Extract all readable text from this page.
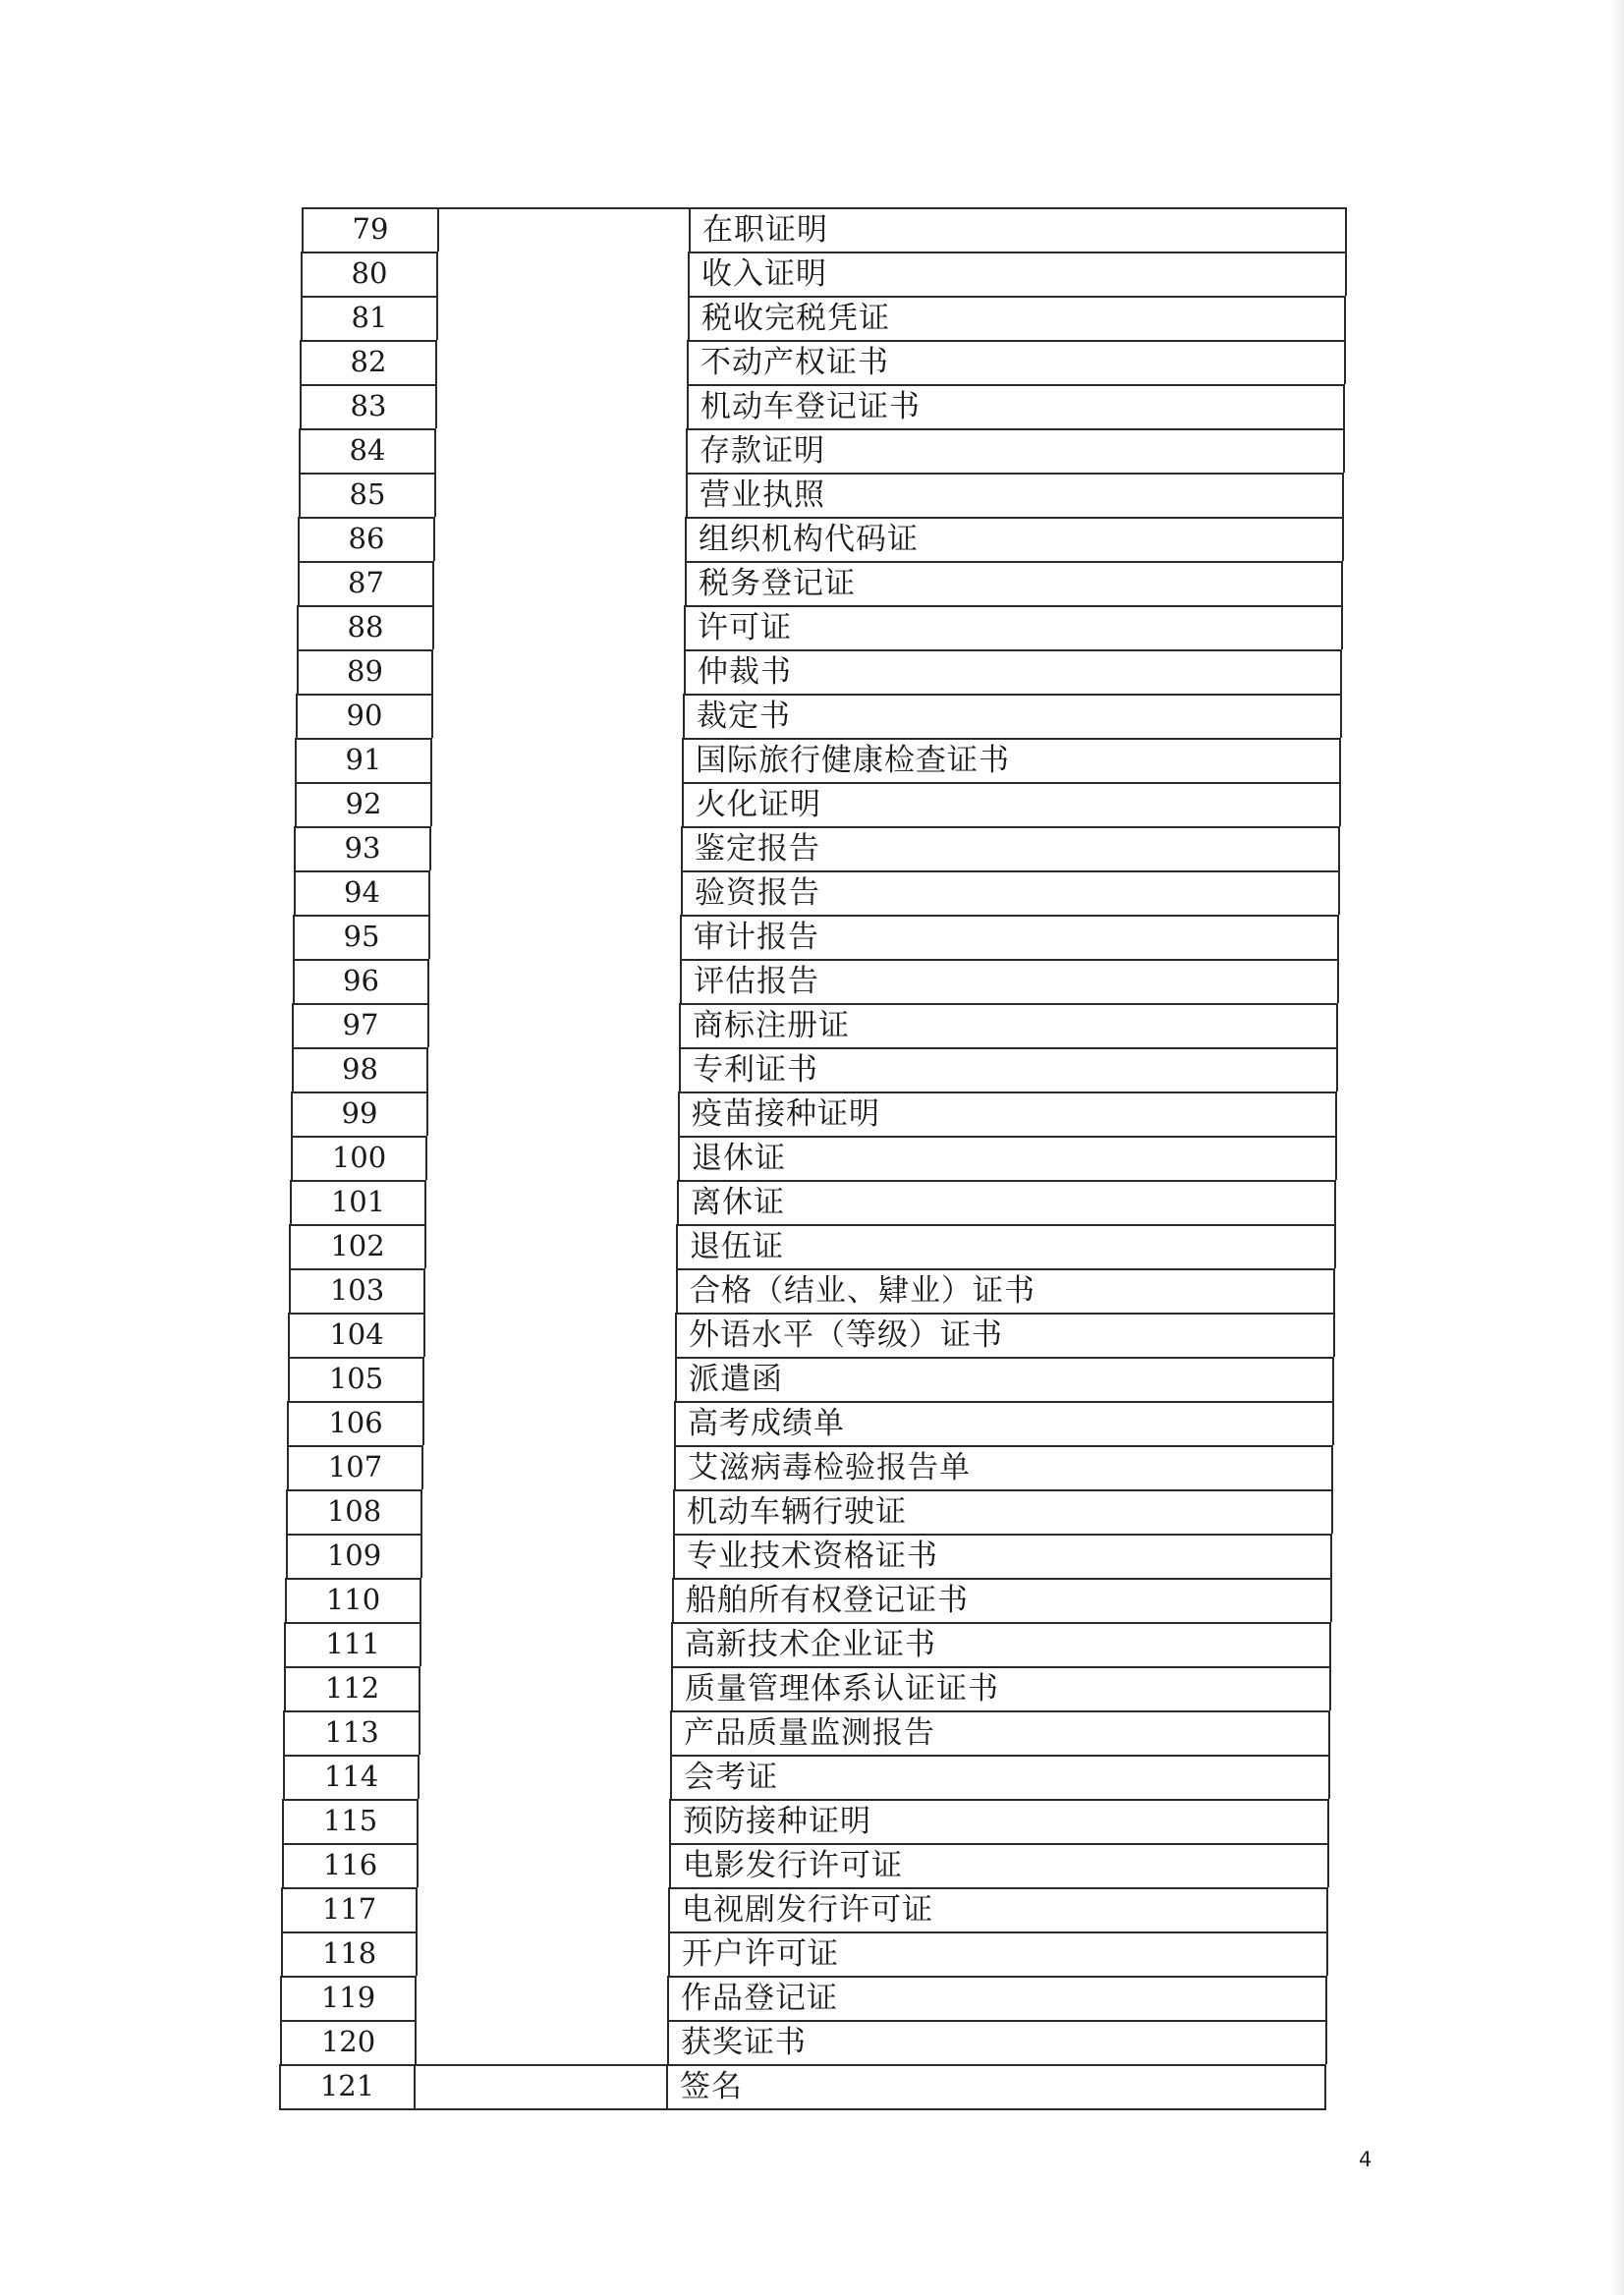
79	在职证明
80	收入证明
81	税收完税凭证
82	不动产权证书
83	机动车登记证书
84	存款证明
85	营业执照
86	组织机构代码证
87	税务登记证
88	许可证
89	仲裁书
90	裁定书
91	国际旅行健康检查证书
92	火化证明
93	鉴定报告
94	验资报告
95	审计报告
96	评估报告
97	商标注册证
98	专利证书
99	疫苗接种证明
100	退休证
101	离休证
102	退伍证
103	合格（结业、肄业）证书
104	外语水平（等级）证书
105	派遣函
106	高考成绩单
107	艾滋病毒检验报告单
108	机动车辆行驶证
109	专业技术资格证书
110	船舶所有权登记证书
111	高新技术企业证书
112	质量管理体系认证证书
113	产品质量监测报告
114	会考证
115	预防接种证明
116	电影发行许可证
117	电视剧发行许可证
118	开户许可证
119	作品登记证
120	获奖证书
121	签名
4
